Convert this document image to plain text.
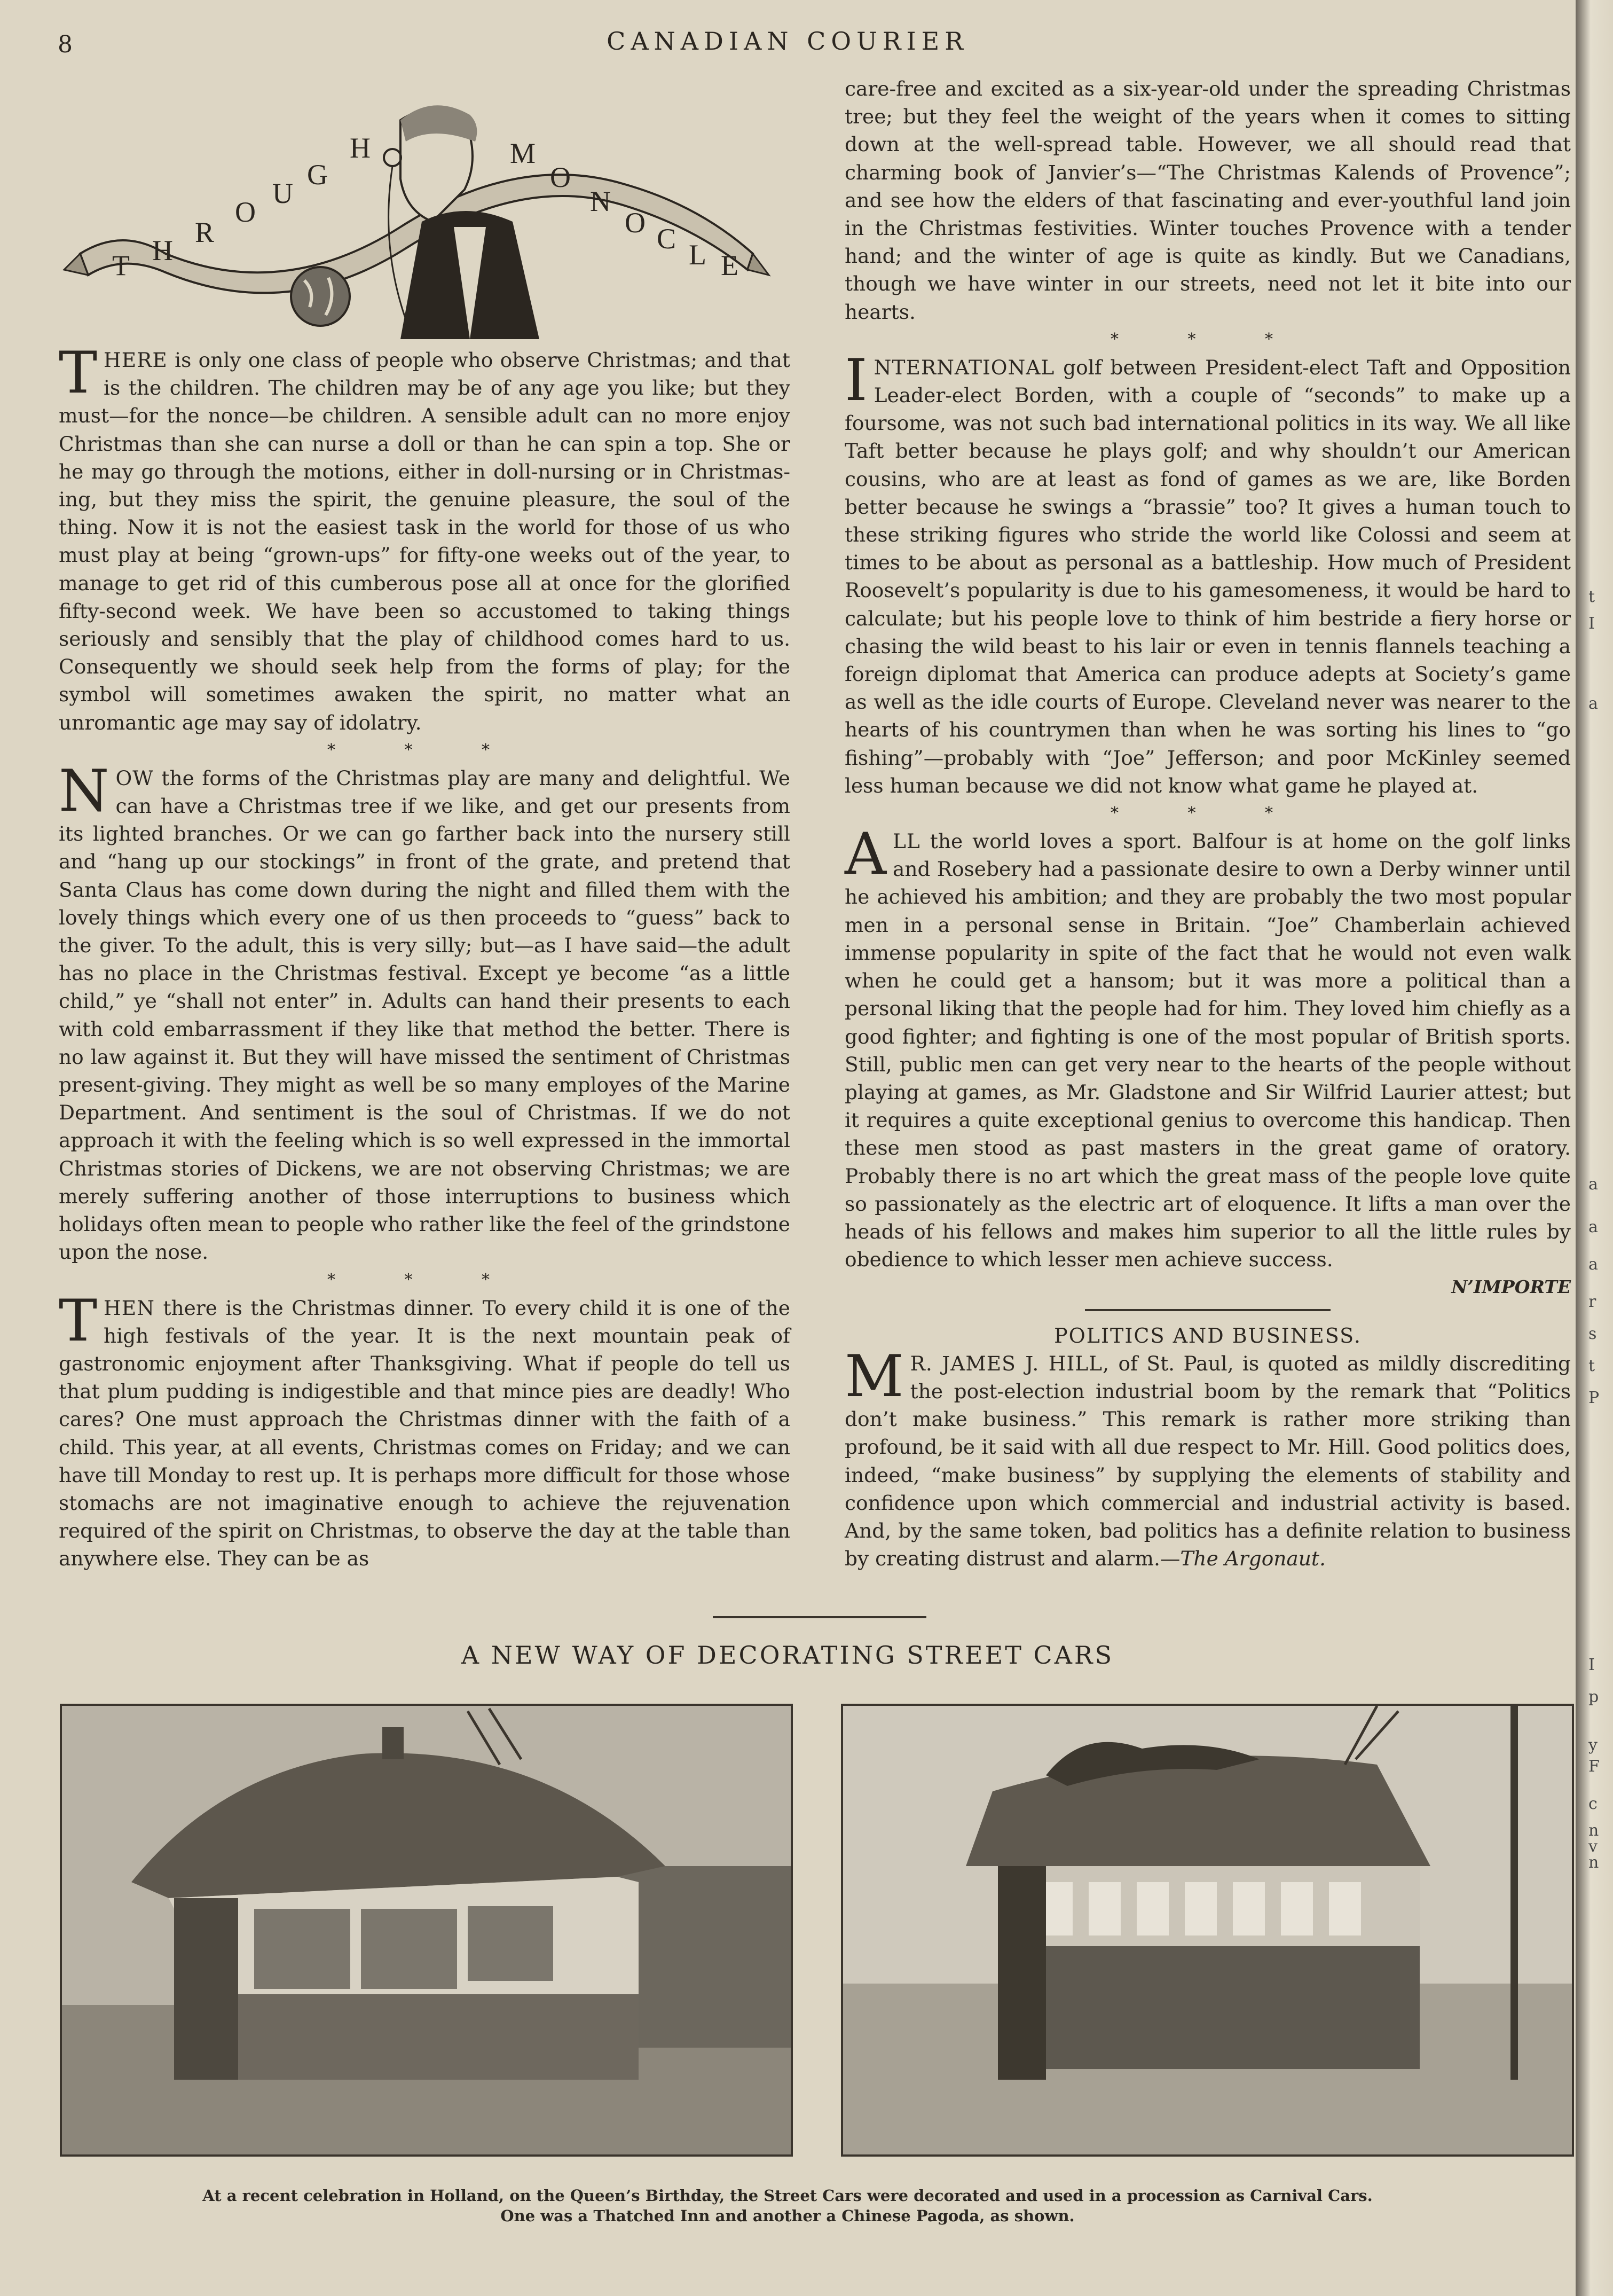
8	CANADIAN COURIER
T H
R
O
U
G
H	M
O
N
O C L E

THERE is only one class of people who observe Christmas; and that is the children. The children may be of any age you like; but they must—for the nonce—be children. A sensible adult can no more enjoy Christmas than she can nurse a doll or than he can spin a top. She or he may go through the motions, either in doll-nursing or in Christmas-ing, but they miss the spirit, the genuine pleasure, the soul of the thing. Now it is not the easiest task in the world for those of us who must play at being “grown-ups” for fifty-one weeks out of the year, to manage to get rid of this cumberous pose all at once for the glorified fifty-second week. We have been so accustomed to taking things seriously and sensibly that the play of childhood comes hard to us. Consequently we should seek help from the forms of play; for the symbol will sometimes awaken the spirit, no matter what an unromantic age may say of idolatry.

* * *

NOW the forms of the Christmas play are many and delightful. We can have a Christmas tree if we like, and get our presents from its lighted branches. Or we can go farther back into the nursery still and “hang up our stockings” in front of the grate, and pretend that Santa Claus has come down during the night and filled them with the lovely things which every one of us then proceeds to “guess” back to the giver. To the adult, this is very silly; but—as I have said—the adult has no place in the Christmas festival. Except ye become “as a little child,” ye “shall not enter” in. Adults can hand their presents to each with cold embarrassment if they like that method the better. There is no law against it. But they will have missed the sentiment of Christmas present-giving. They might as well be so many employes of the Marine Department. And sentiment is the soul of Christmas. If we do not approach it with the feeling which is so well expressed in the immortal Christmas stories of Dickens, we are not observing Christmas; we are merely suffering another of those interruptions to business which holidays often mean to people who rather like the feel of the grindstone upon the nose.

* * *

THEN there is the Christmas dinner. To every child it is one of the high festivals of the year. It is the next mountain peak of gastronomic enjoyment after Thanksgiving. What if people do tell us that plum pudding is indigestible and that mince pies are deadly! Who cares? One must approach the Christmas dinner with the faith of a child. This year, at all events, Christmas comes on Friday; and we can have till Monday to rest up. It is perhaps more difficult for those whose stomachs are not imaginative enough to achieve the rejuvenation required of the spirit on Christmas, to observe the day at the table than anywhere else. They can be as

care-free and excited as a six-year-old under the spreading Christmas tree; but they feel the weight of the years when it comes to sitting down at the well-spread table. However, we all should read that charming book of Janvier’s—“The Christmas Kalends of Provence”; and see how the elders of that fascinating and ever-youthful land join in the Christmas festivities. Winter touches Provence with a tender hand; and the winter of age is quite as kindly. But we Canadians, though we have winter in our streets, need not let it bite into our hearts.

* * *

INTERNATIONAL golf between President-elect Taft and Opposition Leader-elect Borden, with a couple of “seconds” to make up a foursome, was not such bad international politics in its way. We all like Taft better because he plays golf; and why shouldn’t our American cousins, who are at least as fond of games as we are, like Borden better because he swings a “brassie” too? It gives a human touch to these striking figures who stride the world like Colossi and seem at times to be about as personal as a battleship. How much of President Roosevelt’s popularity is due to his gamesomeness, it would be hard to calculate; but his people love to think of him bestride a fiery horse or chasing the wild beast to his lair or even in tennis flannels teaching a foreign diplomat that America can produce adepts at Society’s game as well as the idle courts of Europe. Cleveland never was nearer to the hearts of his countrymen than when he was sorting his lines to “go fishing”—probably with “Joe” Jefferson; and poor McKinley seemed less human because we did not know what game he played at.

* * *

ALL the world loves a sport. Balfour is at home on the golf links and Rosebery had a passionate desire to own a Derby winner until he achieved his ambition; and they are probably the two most popular men in a personal sense in Britain. “Joe” Chamberlain achieved immense popularity in spite of the fact that he would not even walk when he could get a hansom; but it was more a political than a personal liking that the people had for him. They loved him chiefly as a good fighter; and fighting is one of the most popular of British sports. Still, public men can get very near to the hearts of the people without playing at games, as Mr. Gladstone and Sir Wilfrid Laurier attest; but it requires a quite exceptional genius to overcome this handicap. Then these men stood as past masters in the great game of oratory. Probably there is no art which the great mass of the people love quite so passionately as the electric art of eloquence. It lifts a man over the heads of his fellows and makes him superior to all the little rules by obedience to which lesser men achieve success.

N’IMPORTE

POLITICS AND BUSINESS.

M R. JAMES J. HILL, of St. Paul, is quoted as mildly discrediting the post-election industrial boom by the remark that “Politics don’t make business.” This remark is rather more striking than profound, be it said with all due respect to Mr. Hill. Good politics does, indeed, “make business” by supplying the elements of stability and confidence upon which commercial and industrial activity is based. And, by the same token, bad politics has a definite relation to business by creating distrust and alarm.—The Argonaut.

A NEW WAY OF DECORATING STREET CARS
At a recent celebration in Holland, on the Queen’s Birthday, the Street Cars were decorated and used in a procession as Carnival Cars.
One was a Thatched Inn and another a Chinese Pagoda, as shown.
t
I
a
a
a
a
r
s
t
P
I
p
y
F
c
n
v
n
